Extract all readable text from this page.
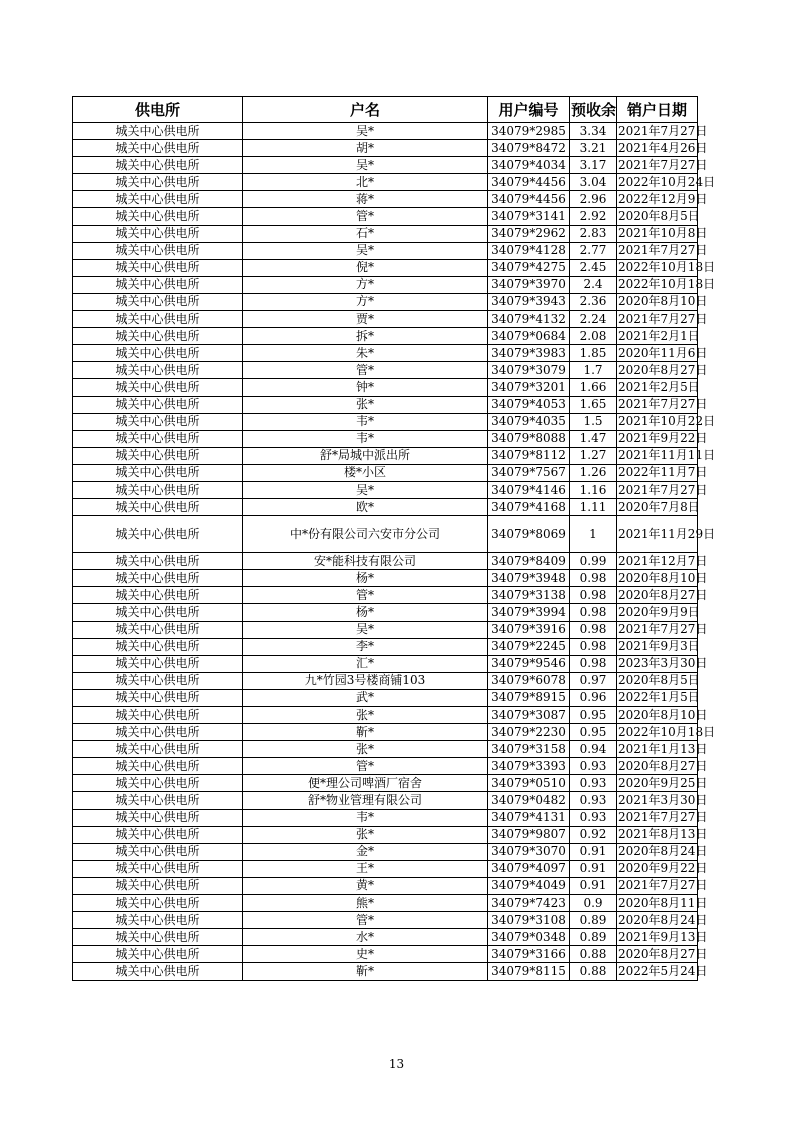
供电所	户名	用户编号	预收余	销户日期
城关中心供电所	吴*	34079*2985	3.34	2021年7月27日
城关中心供电所	胡*	34079*8472	3.21	2021年4月26日
城关中心供电所	吴*	34079*4034	3.17	2021年7月27日
城关中心供电所	北*	34079*4456	3.04	2022年10月24日
城关中心供电所	蒋*	34079*4456	2.96	2022年12月9日
城关中心供电所	管*	34079*3141	2.92	2020年8月5日
城关中心供电所	石*	34079*2962	2.83	2021年10月8日
城关中心供电所	吴*	34079*4128	2.77	2021年7月27日
城关中心供电所	倪*	34079*4275	2.45	2022年10月18日
城关中心供电所	方*	34079*3970	2.4	2022年10月18日
城关中心供电所	方*	34079*3943	2.36	2020年8月10日
城关中心供电所	贾*	34079*4132	2.24	2021年7月27日
城关中心供电所	拆*	34079*0684	2.08	2021年2月1日
城关中心供电所	朱*	34079*3983	1.85	2020年11月6日
城关中心供电所	管*	34079*3079	1.7	2020年8月27日
城关中心供电所	钟*	34079*3201	1.66	2021年2月5日
城关中心供电所	张*	34079*4053	1.65	2021年7月27日
城关中心供电所	韦*	34079*4035	1.5	2021年10月22日
城关中心供电所	韦*	34079*8088	1.47	2021年9月22日
城关中心供电所	舒*局城中派出所	34079*8112	1.27	2021年11月11日
城关中心供电所	楼*小区	34079*7567	1.26	2022年11月7日
城关中心供电所	吴*	34079*4146	1.16	2021年7月27日
城关中心供电所	欧*	34079*4168	1.11	2020年7月8日
城关中心供电所	中*份有限公司六安市分公司	34079*8069	1	2021年11月29日
城关中心供电所	安*能科技有限公司	34079*8409	0.99	2021年12月7日
城关中心供电所	杨*	34079*3948	0.98	2020年8月10日
城关中心供电所	管*	34079*3138	0.98	2020年8月27日
城关中心供电所	杨*	34079*3994	0.98	2020年9月9日
城关中心供电所	吴*	34079*3916	0.98	2021年7月27日
城关中心供电所	李*	34079*2245	0.98	2021年9月3日
城关中心供电所	汇*	34079*9546	0.98	2023年3月30日
城关中心供电所	九*竹园3号楼商铺103	34079*6078	0.97	2020年8月5日
城关中心供电所	武*	34079*8915	0.96	2022年1月5日
城关中心供电所	张*	34079*3087	0.95	2020年8月10日
城关中心供电所	靳*	34079*2230	0.95	2022年10月18日
城关中心供电所	张*	34079*3158	0.94	2021年1月13日
城关中心供电所	管*	34079*3393	0.93	2020年8月27日
城关中心供电所	便*理公司啤酒厂宿舍	34079*0510	0.93	2020年9月25日
城关中心供电所	舒*物业管理有限公司	34079*0482	0.93	2021年3月30日
城关中心供电所	韦*	34079*4131	0.93	2021年7月27日
城关中心供电所	张*	34079*9807	0.92	2021年8月13日
城关中心供电所	金*	34079*3070	0.91	2020年8月24日
城关中心供电所	王*	34079*4097	0.91	2020年9月22日
城关中心供电所	黄*	34079*4049	0.91	2021年7月27日
城关中心供电所	熊*	34079*7423	0.9	2020年8月11日
城关中心供电所	管*	34079*3108	0.89	2020年8月24日
城关中心供电所	水*	34079*0348	0.89	2021年9月13日
城关中心供电所	史*	34079*3166	0.88	2020年8月27日
城关中心供电所	靳*	34079*8115	0.88	2022年5月24日
13
